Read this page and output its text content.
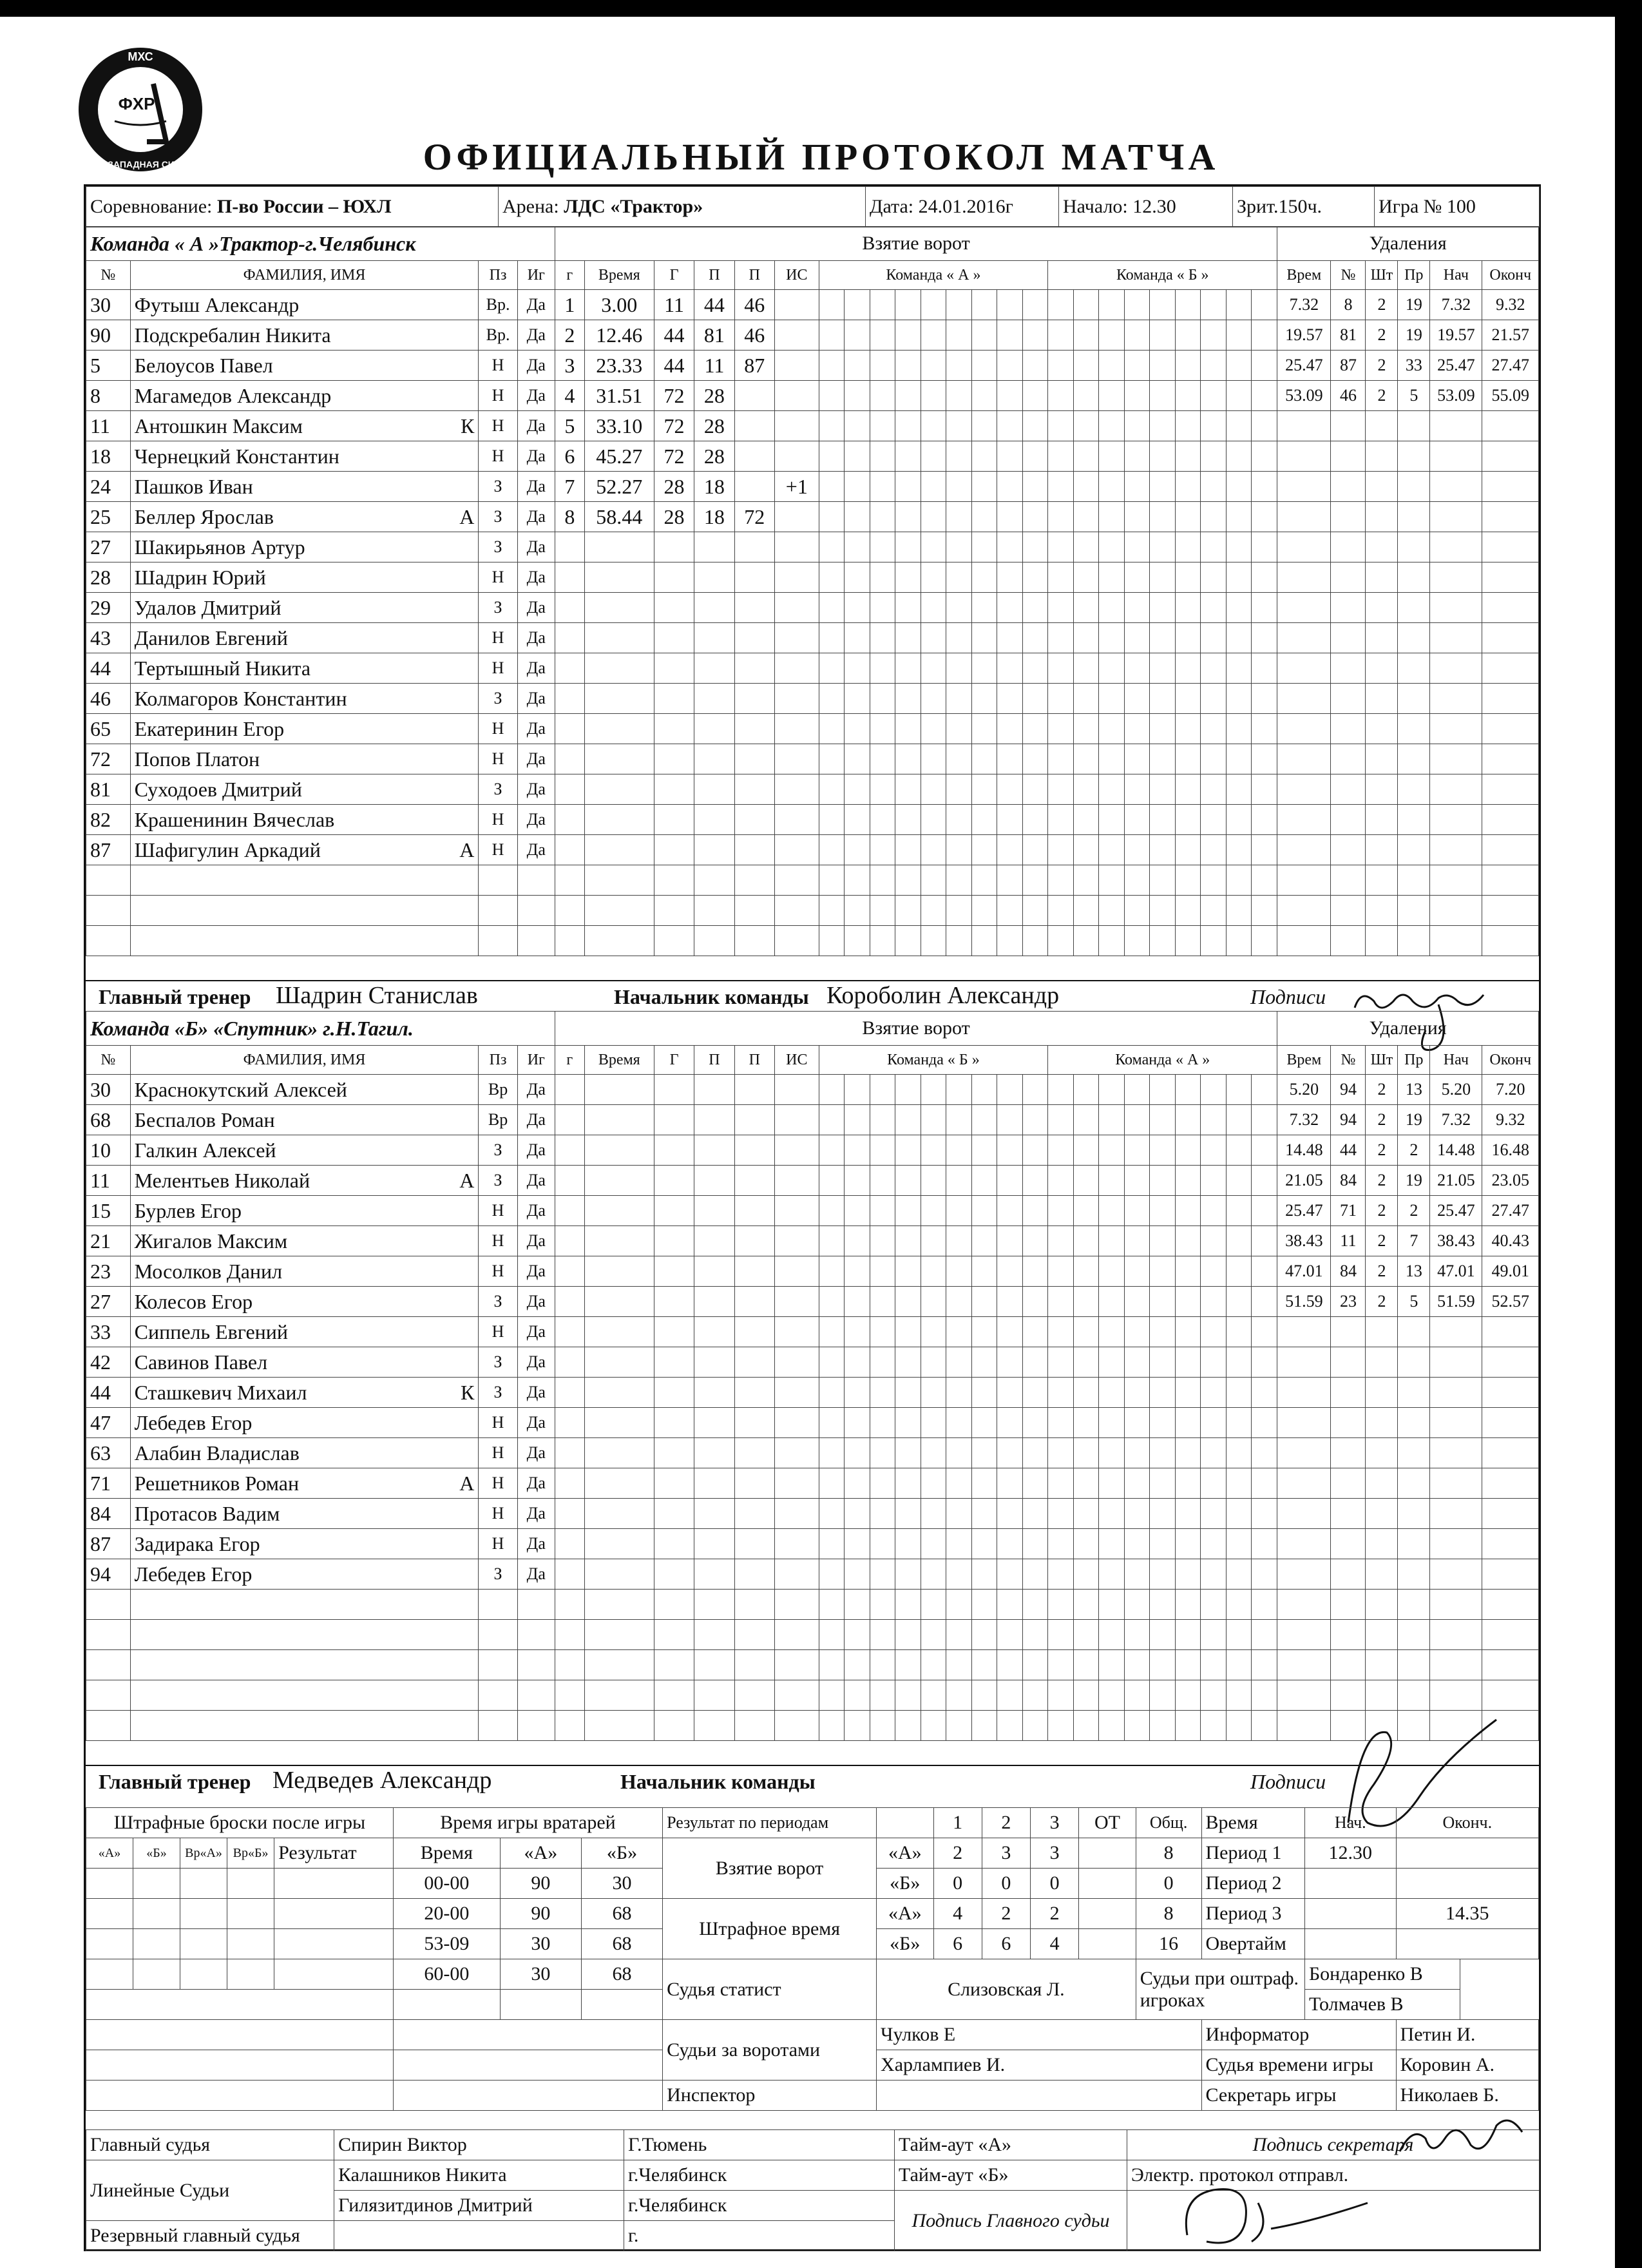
МХС
ФХР
УРАЛ-ЗАПАДНАЯ СИБИРЬ	ОФИЦИАЛЬНЫЙ ПРОТОКОЛ МАТЧА
Соревнование: П-во России – ЮХЛ	Арена: ЛДС «Трактор»	Дата: 24.01.2016г	Начало: 12.30	Зрит.150ч.	Игра № 100
Команда « А »Трактор-г.Челябинск				Взятие ворот																								Удаления					
№	ФАМИЛИЯ, ИМЯ	Пз	Иг	г	Время	Г	П	П	ИС	Команда « А »									Команда « Б »									Врем	№	Шт	Пр	Нач	Оконч
30	Футыш Александр	Вр.	Да	1	3.00	11	44	46																				7.32	8	2	19	7.32	9.32
90	Подскребалин Никита	Вр.	Да	2	12.46	44	81	46																				19.57	81	2	19	19.57	21.57
5	Белоусов Павел	Н	Да	3	23.33	44	11	87																				25.47	87	2	33	25.47	27.47
8	Магамедов Александр	Н	Да	4	31.51	72	28																					53.09	46	2	5	53.09	55.09
11	Антошкин Максим К	Н	Да	5	33.10	72	28																										
18	Чернецкий Константин	Н	Да	6	45.27	72	28																										
24	Пашков Иван	З	Да	7	52.27	28	18		+1																								
25	Беллер Ярослав А	З	Да	8	58.44	28	18	72																									
27	Шакирьянов Артур	З	Да																														
28	Шадрин Юрий	Н	Да																														
29	Удалов Дмитрий	З	Да																														
43	Данилов Евгений	Н	Да																														
44	Тертышный Никита	Н	Да																														
46	Колмагоров Константин	З	Да																														
65	Екатеринин Егор	Н	Да																														
72	Попов Платон	Н	Да																														
81	Суходоев Дмитрий	З	Да																														
82	Крашенинин Вячеслав	Н	Да																														
87	Шафигулин Аркадий А	Н	Да																														

Главный тренер Шадрин Станислав	Начальник команды Короболин Александр	Подписи
Команда «Б» «Спутник» г.Н.Тагил.				Взятие ворот																								Удаления					
№	ФАМИЛИЯ, ИМЯ	Пз	Иг	г	Время	Г	П	П	ИС	Команда « Б »									Команда « А »									Врем	№	Шт	Пр	Нач	Оконч
30	Краснокутский Алексей	Вр	Да																									5.20	94	2	13	5.20	7.20
68	Беспалов Роман	Вр	Да																									7.32	94	2	19	7.32	9.32
10	Галкин Алексей	З	Да																									14.48	44	2	2	14.48	16.48
11	Мелентьев Николай А	З	Да																									21.05	84	2	19	21.05	23.05
15	Бурлев Егор	Н	Да																									25.47	71	2	2	25.47	27.47
21	Жигалов Максим	Н	Да																									38.43	11	2	7	38.43	40.43
23	Мосолков Данил	Н	Да																									47.01	84	2	13	47.01	49.01
27	Колесов Егор	З	Да																									51.59	23	2	5	51.59	52.57
33	Сиппель Евгений	Н	Да																														
42	Савинов Павел	З	Да																														
44	Сташкевич Михаил К	З	Да																														
47	Лебедев Егор	Н	Да																														
63	Алабин Владислав	Н	Да																														
71	Решетников Роман А	Н	Да																														
84	Протасов Вадим	Н	Да																														
87	Задирака Егор	Н	Да																														
94	Лебедев Егор	З	Да																														

Главный тренер Медведев Александр	Начальник команды	Подписи
Штрафные броски после игры					Время игры вратарей			Результат по периодам		1	2	3	ОТ	Общ.	Время	Нач.	Оконч.
«А»	«Б»	Вр«А»	Вр«Б»	Результат	Время	«А»	«Б»	Взятие ворот	«А»	2	3	3		8	Период 1	12.30	
					00-00	90	30		«Б»	0	0	0		0	Период 2		
					20-00	90	68	Штрафное время	«А»	4	2	2		8	Период 3		14.35
					53-09	30	68		«Б»	6	6	4		16	Овертайм		
					60-00	30	68	Судья статист	Слизовская Л.					Судьи при оштраф. игроках		Бондаренко В	
																Толмачев В	
								Судьи за воротами	Чулков Е						Информатор		Петин И.
									Харлампиев И.						Судья времени игры		Коровин А.
								Инспектор							Секретарь игры		Николаев Б.
Главный судья	Спирин Виктор	Г.Тюмень	Тайм-аут «А»	Подпись секретаря
Линейные Судьи	Калашников Никита	г.Челябинск	Тайм-аут «Б»	Электр. протокол отправл.
	Гилязитдинов Дмитрий	г.Челябинск	Подпись Главного судьи	
Резервный главный судья		г.		
